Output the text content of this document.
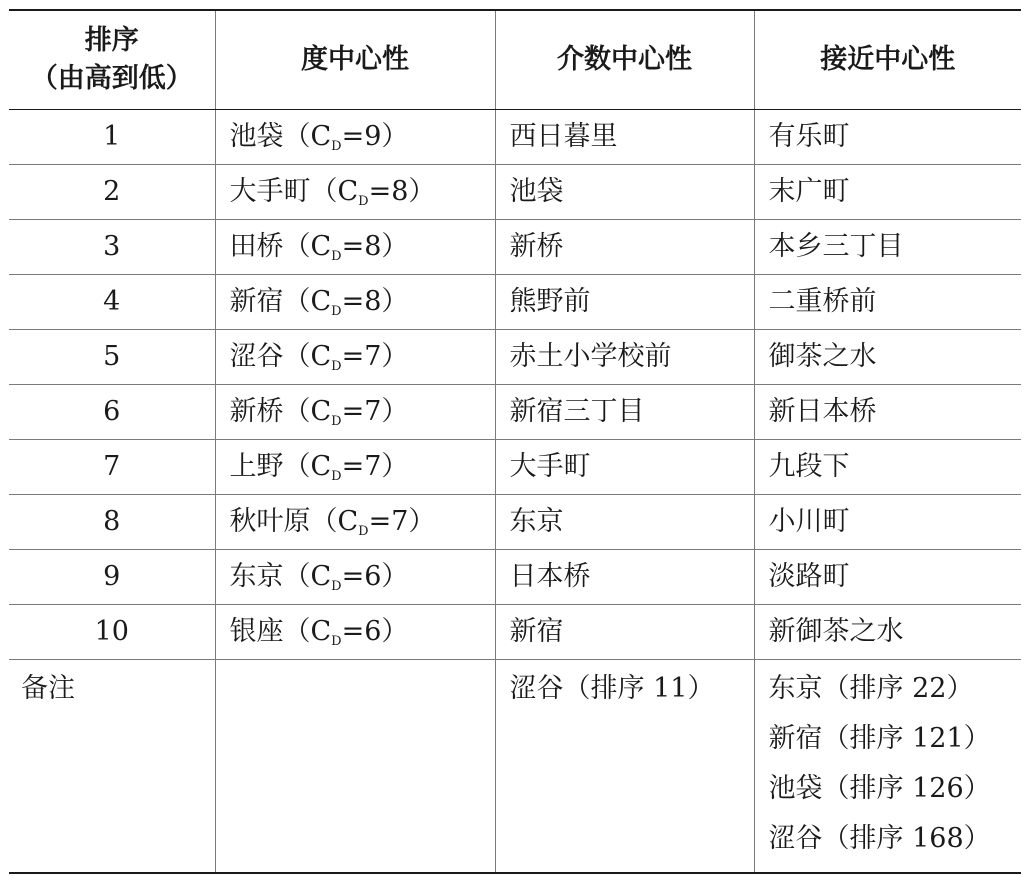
排序
（由高到低）	度中心性	介数中心性	接近中心性
1	池袋$(C_D=9)$	西日暮里	有乐町
2	大手町$(C_D=8)$	池袋	末广町
3	田桥$(C_D=8)$	新桥	本乡三丁目
4	新宿$(C_D=8)$	熊野前	二重桥前
5	涩谷$(C_D=7)$	赤土小学校前	御茶之水
6	新桥$(C_D=7)$	新宿三丁目	新日本桥
7	上野$(C_D=7)$	大手町	九段下
8	秋叶原$(C_D=7)$	东京	小川町
9	东京$(C_D=6)$	日本桥	淡路町
10	银座$(C_D=6)$	新宿	新御茶之水
备注		涩谷（排序 11）	东京（排序 22）
新宿（排序 121）
池袋（排序 126）
涩谷（排序 168）
